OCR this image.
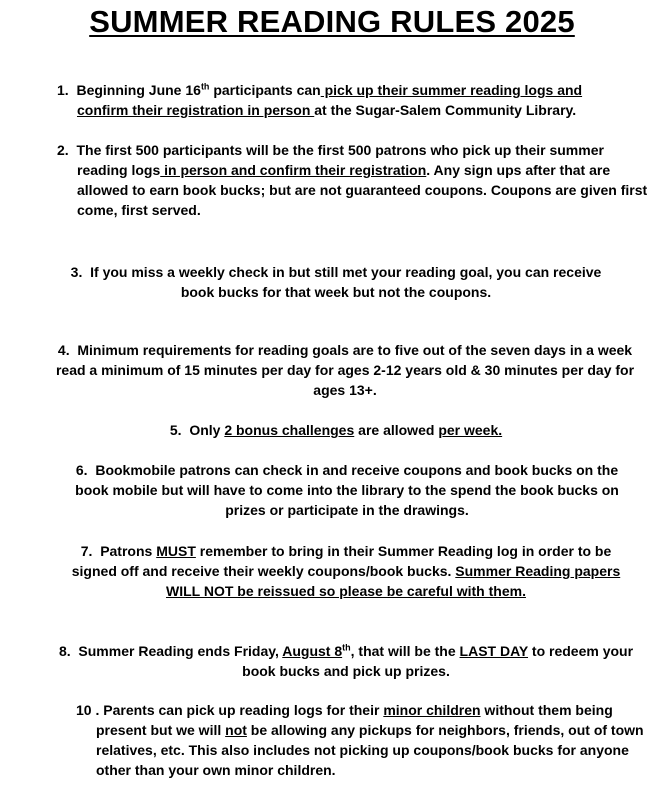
SUMMER READING RULES 2025

1. Beginning June 16th participants can pick up their summer reading logs and confirm their registration in person at the Sugar-Salem Community Library.

2. The first 500 participants will be the first 500 patrons who pick up their summer reading logs in person and confirm their registration. Any sign ups after that are allowed to earn book bucks; but are not guaranteed coupons. Coupons are given first come, first served.

3. If you miss a weekly check in but still met your reading goal, you can receive book bucks for that week but not the coupons.

4. Minimum requirements for reading goals are to five out of the seven days in a week read a minimum of 15 minutes per day for ages 2-12 years old & 30 minutes per day for ages 13+.

5. Only 2 bonus challenges are allowed per week.

6. Bookmobile patrons can check in and receive coupons and book bucks on the book mobile but will have to come into the library to the spend the book bucks on prizes or participate in the drawings.

7. Patrons MUST remember to bring in their Summer Reading log in order to be signed off and receive their weekly coupons/book bucks. Summer Reading papers WILL NOT be reissued so please be careful with them.

8. Summer Reading ends Friday, August 8th, that will be the LAST DAY to redeem your book bucks and pick up prizes.

10 . Parents can pick up reading logs for their minor children without them being present but we will not be allowing any pickups for neighbors, friends, out of town relatives, etc. This also includes not picking up coupons/book bucks for anyone other than your own minor children.
